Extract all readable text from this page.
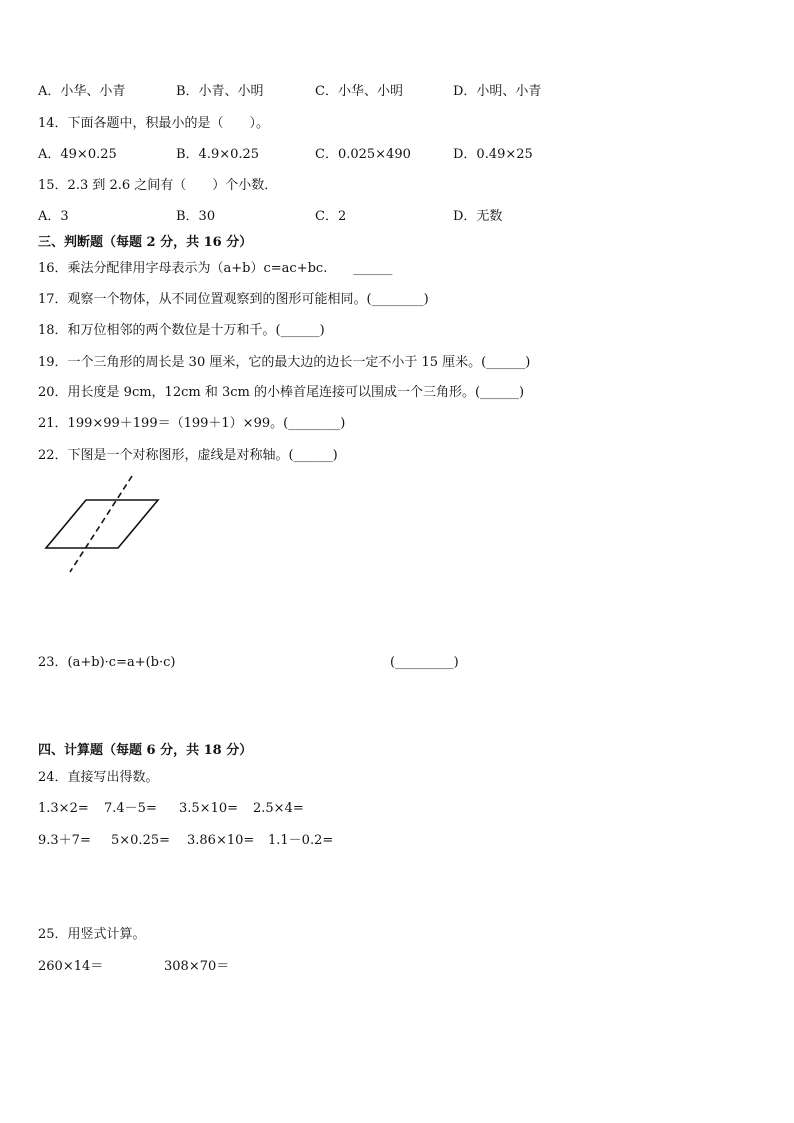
A．小华、小青	B．小青、小明	C．小华、小明	D．小明、小青
14．下面各题中，积最小的是（　　）。
A．49×0.25	B．4.9×0.25	C．0.025×490	D．0.49×25
15．2.3 到 2.6 之间有（　　）个小数．
A．3	B．30	C．2	D．无数
三、判断题（每题 2 分，共 16 分）
16．乘法分配律用字母表示为（a+b）c=ac+bc.　　______
17．观察一个物体，从不同位置观察到的图形可能相同。(________)
18．和万位相邻的两个数位是十万和千。(______)
19．一个三角形的周长是 30 厘米，它的最大边的边长一定不小于 15 厘米。(______)
20．用长度是 9cm，12cm 和 3cm 的小棒首尾连接可以围成一个三角形。(______)
21．199×99＋199＝（199＋1）×99。(________)
22．下图是一个对称图形，虚线是对称轴。(______)
23．(a+b)·c=a+(b·c)	(_________)
四、计算题（每题 6 分，共 18 分）
24．直接写出得数。
1.3×2= 7.4－5= 3.5×10= 2.5×4=
9.3＋7= 5×0.25= 3.86×10= 1.1－0.2=
25．用竖式计算。
260×14＝	308×70＝
